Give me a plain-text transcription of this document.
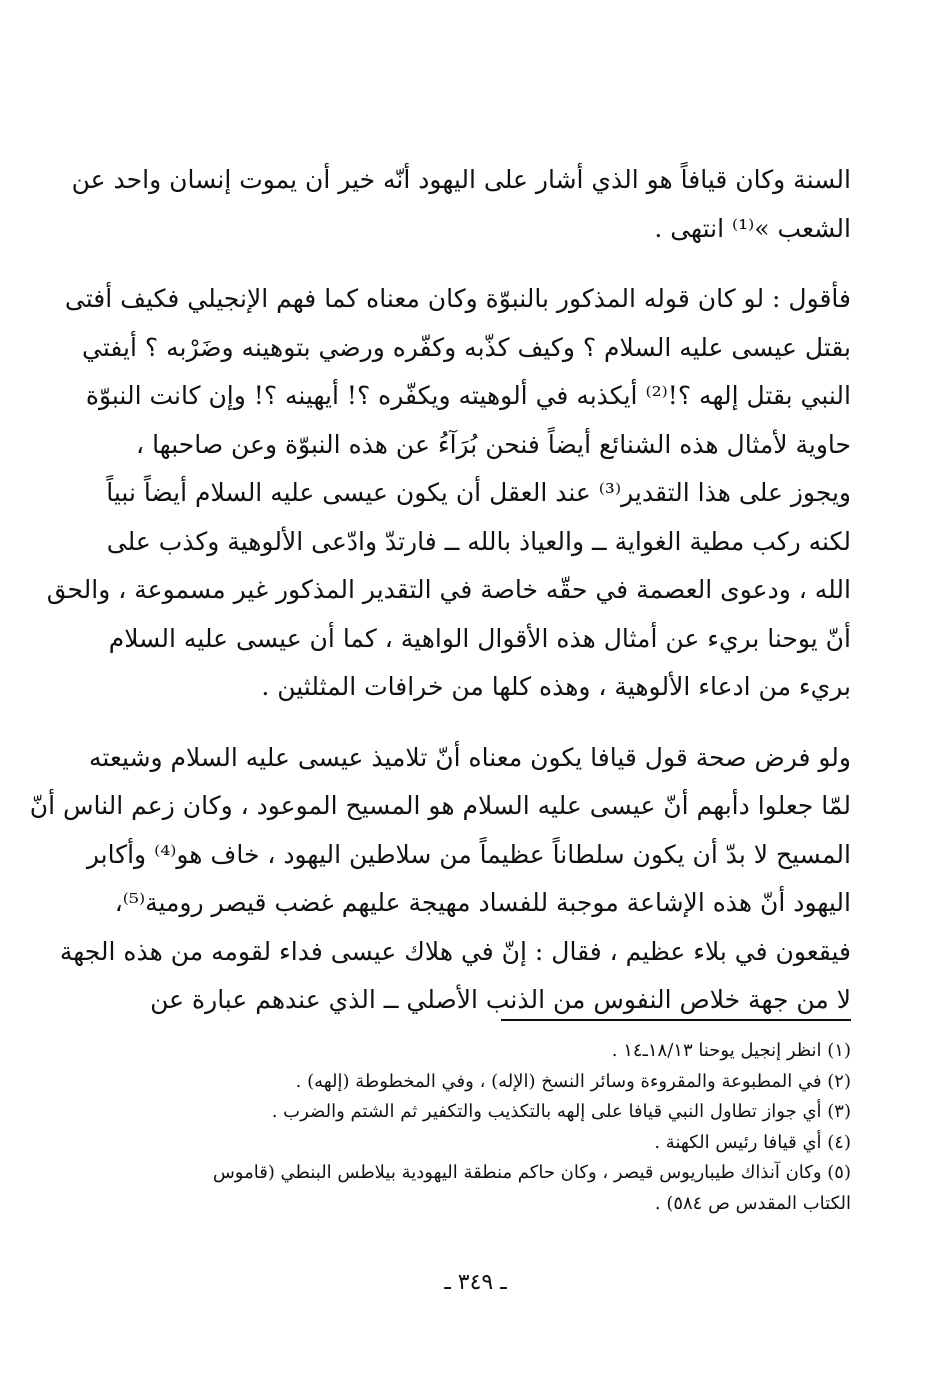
السنة وكان قيافاً هو الذي أشار على اليهود أنّه خير أن يموت إنسان واحد عن
الشعب »⁽¹⁾ انتهى .

فأقول : لو كان قوله المذكور بالنبوّة وكان معناه كما فهم الإنجيلي فكيف أفتى
بقتل عيسى عليه السلام ؟ وكيف كذّبه وكفّره ورضي بتوهينه وضَرْبه ؟ أيفتي
النبي بقتل إلهه ؟!⁽²⁾ أيكذبه في ألوهيته ويكفّره ؟! أيهينه ؟! وإن كانت النبوّة
حاوية لأمثال هذه الشنائع أيضاً فنحن بُرَآءُ عن هذه النبوّة وعن صاحبها ،
ويجوز على هذا التقدير⁽³⁾ عند العقل أن يكون عيسى عليه السلام أيضاً نبياً
لكنه ركب مطية الغواية ــ والعياذ بالله ــ فارتدّ وادّعى الألوهية وكذب على
الله ، ودعوى العصمة في حقّه خاصة في التقدير المذكور غير مسموعة ، والحق
أنّ يوحنا بريء عن أمثال هذه الأقوال الواهية ، كما أن عيسى عليه السلام
بريء من ادعاء الألوهية ، وهذه كلها من خرافات المثلثين .

ولو فرض صحة قول قيافا يكون معناه أنّ تلاميذ عيسى عليه السلام وشيعته
لمّا جعلوا دأبهم أنّ عيسى عليه السلام هو المسيح الموعود ، وكان زعم الناس أنّ
المسيح لا بدّ أن يكون سلطاناً عظيماً من سلاطين اليهود ، خاف هو⁽⁴⁾ وأكابر
اليهود أنّ هذه الإشاعة موجبة للفساد مهيجة عليهم غضب قيصر رومية⁽⁵⁾،
فيقعون في بلاء عظيم ، فقال : إنّ في هلاك عيسى فداء لقومه من هذه الجهة
لا من جهة خلاص النفوس من الذنب الأصلي ــ الذي عندهم عبارة عن

(١) انظر إنجيل يوحنا ١٨/١٣ـ١٤ .
(٢) في المطبوعة والمقروءة وسائر النسخ (الإله) ، وفي المخطوطة (إلهه) .
(٣) أي جواز تطاول النبي قيافا على إلهه بالتكذيب والتكفير ثم الشتم والضرب .
(٤) أي قيافا رئيس الكهنة .
(٥) وكان آنذاك طيباريوس قيصر ، وكان حاكم منطقة اليهودية بيلاطس البنطي (قاموس
الكتاب المقدس ص ٥٨٤) .
ـ ٣٤٩ ـ
